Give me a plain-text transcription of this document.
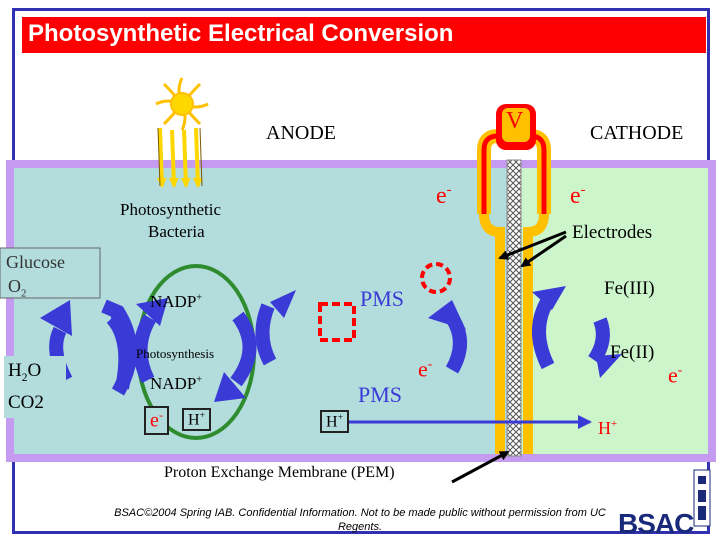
Photosynthetic Electrical Conversion
V
ANODE	CATHODE
Photosynthetic
Bacteria	Electrodes
e-	e-
Glucose
$O_2$
$H_2O$
CO2
NADP+
Photosynthesis
NADP+
e-	H+
PMS
PMS
e-
H+
H+
Fe(III)
Fe(II)
e-
Proton Exchange Membrane (PEM)
BSAC©2004 Spring IAB. Confidential Information. Not to be made public without permission from UC Regents.	BSAC
